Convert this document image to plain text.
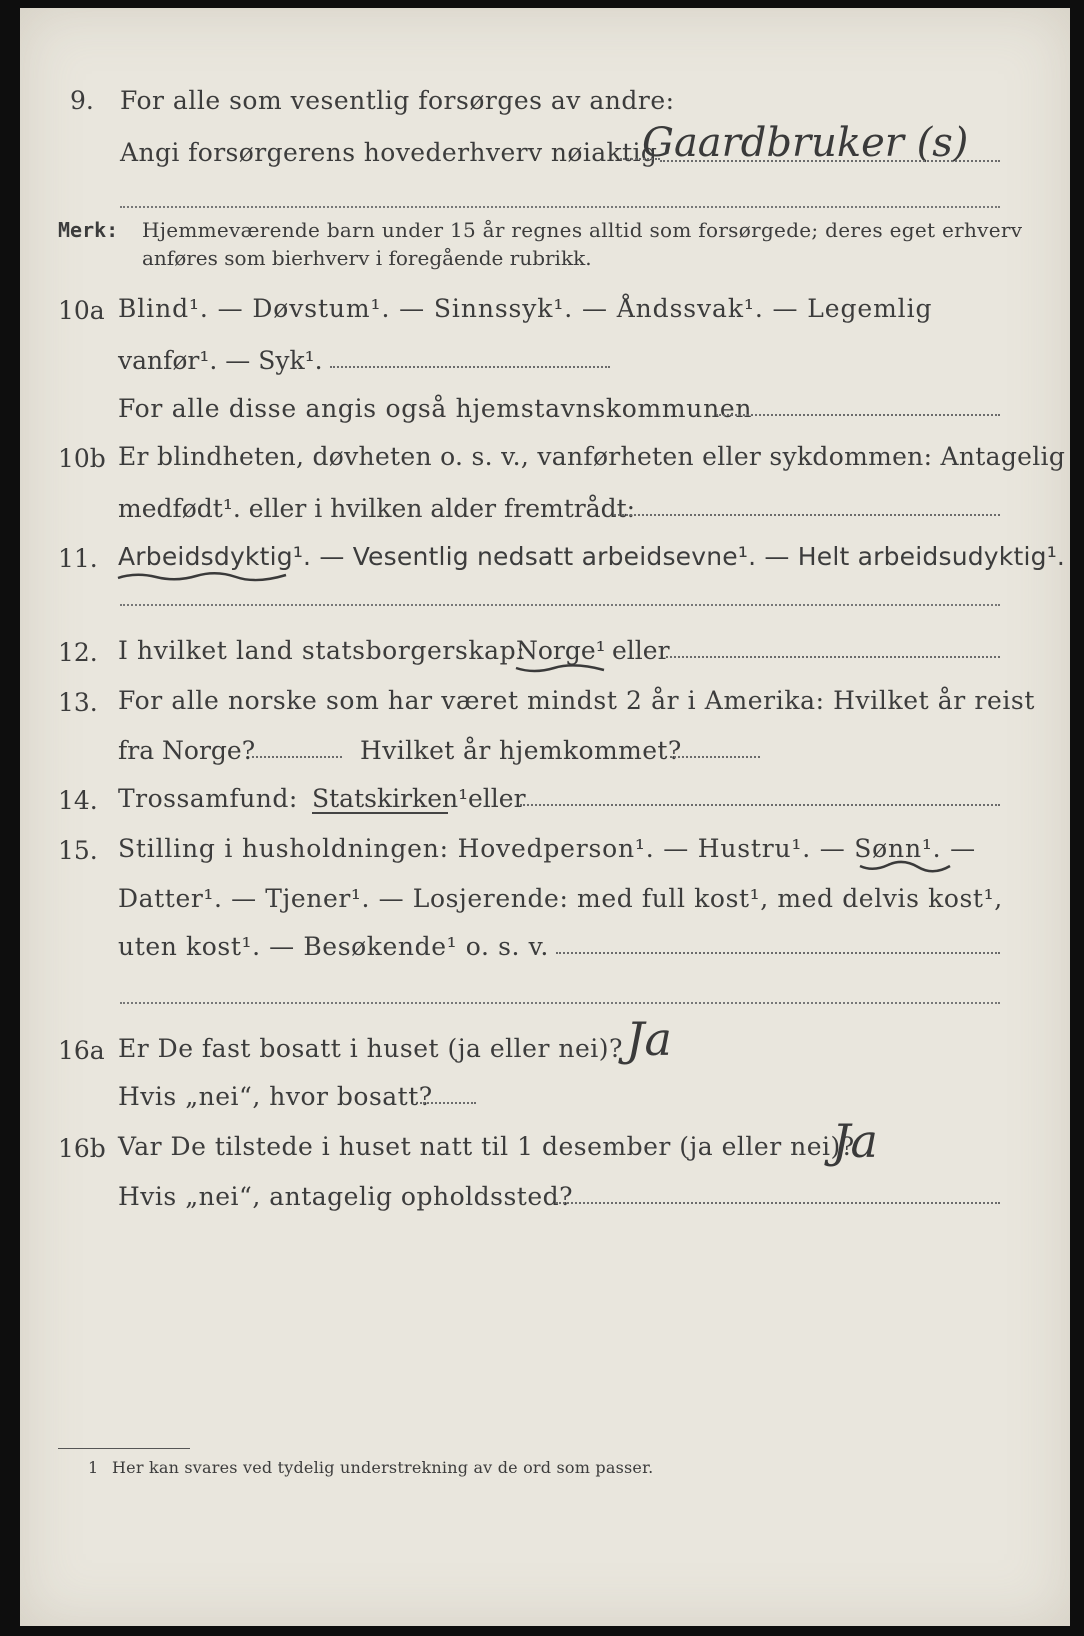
9. For alle som vesentlig forsørges av andre:
Angi forsørgerens hovederhverv nøiaktig
Gaardbruker (s)
Merk: Hjemmeværende barn under 15 år regnes alltid som forsørgede; deres eget erhverv
anføres som bierhverv i foregående rubrikk.
10a Blind¹. — Døvstum¹. — Sinnssyk¹. — Åndssvak¹. — Legemlig
vanfør¹. — Syk¹.
For alle disse angis også hjemstavnskommunen
10b Er blindheten, døvheten o. s. v., vanførheten eller sykdommen: Antagelig
medfødt¹. eller i hvilken alder fremtrådt:
11. Arbeidsdyktig¹. — Vesentlig nedsatt arbeidsevne¹. — Helt arbeidsudyktig¹.
12. I hvilket land statsborgerskap:
Norge¹ eller
13. For alle norske som har været mindst 2 år i Amerika: Hvilket år reist
fra Norge?	Hvilket år hjemkommet?
14. Trossamfund: Statskirken¹ eller
15. Stilling i husholdningen: Hovedperson¹. — Hustru¹. — Sønn¹. —
Datter¹. — Tjener¹. — Losjerende: med full kost¹, med delvis kost¹,
uten kost¹. — Besøkende¹ o. s. v.
16a Er De fast bosatt i huset (ja eller nei)? Ja
Hvis „nei“, hvor bosatt?
16b Var De tilstede i huset natt til 1 desember (ja eller nei)?
Ja
Hvis „nei“, antagelig opholdssted?
1 Her kan svares ved tydelig understrekning av de ord som passer.
